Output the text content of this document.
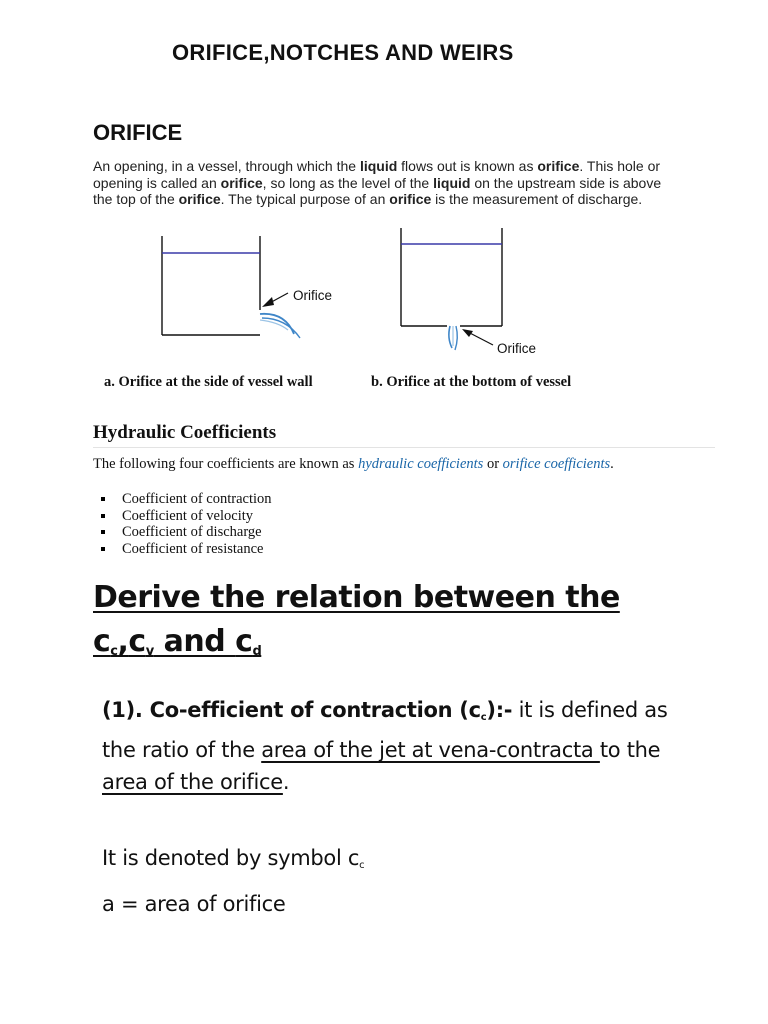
ORIFICE,NOTCHES AND WEIRS
ORIFICE
An opening, in a vessel, through which the liquid flows out is known as orifice. This hole or opening is called an orifice, so long as the level of the liquid on the upstream side is above the top of the orifice. The typical purpose of an orifice is the measurement of discharge.
Orifice
Orifice
a. Orifice at the side of vessel wall	b. Orifice at the bottom of vessel
Hydraulic Coefficients
The following four coefficients are known as hydraulic coefficients or orifice coefficients.
Coefficient of contraction
Coefficient of velocity
Coefficient of discharge
Coefficient of resistance
Derive the relation between the
$c_c,c_v$ and $c_d$
(1). Co-efficient of contraction $(c_c):-$ it is defined as the ratio of the area of the jet at vena-contracta to the area of the orifice.
It is denoted by symbol $c_c$
a = area of orifice
